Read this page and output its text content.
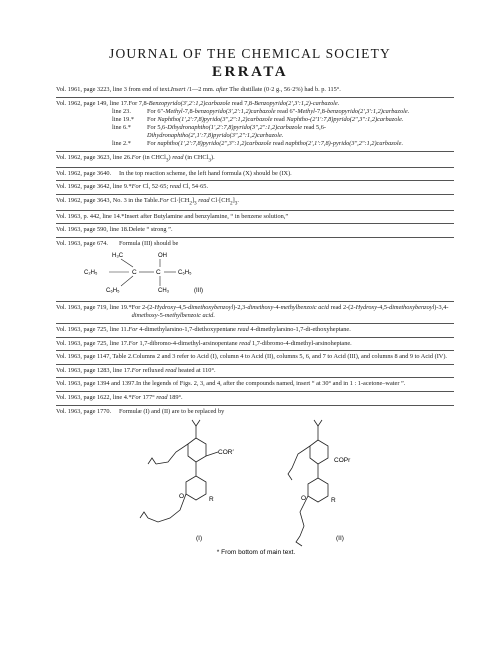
JOURNAL OF THE CHEMICAL SOCIETY
ERRATA
Vol. 1961, page 3223, line 3 from end of text. Insert /1—2 mm. after The distillate (0·2 g., 56·2%) had b. p. 115°.
Vol. 1962, page 149, line 17. For 7,8-Benzopyrido(3′,2′:1,2)carbazole read 7,8-Benzopyrido(2′,3′:1,2)-carbazole.
line 23.	For 6″-Methyl-7,8-benzopyrido(3′,2′:1,2)carbazole read 6″-Methyl-7,8-benzopyrido(2′,3′:1,2)carbazole.
line 19.*	For Naphtho(1′,2′:7,8)pyrido(3″,2″:1,2)carbazole read Naphtho-(2′1′:7,8)pyrido(2″,3″:1,2)carbazole.
line 6.*	For 5,6-Dihydronaphtho(1′,2′:7,8)pyrido(3″,2″:1,2)carbazole read 5,6-Dihydronaphtho(2′,1′:7,8)pyrido(3″,2″:1,2)carbazole.
line 2.*	For naphtho(1′,2′:7,8)pyrido(2″,3″:1,2)carbazole read naphtho(2′,1′:7,8)-pyrido(3″,2″:1,2)carbazole.
Vol. 1962, page 3623, line 26. For (in CHCl$_3$) read (in CHCl$_3$).
Vol. 1962, page 3640.	In the top reaction scheme, the left hand formula (X) should be (IX).
Vol. 1962, page 3642, line 9.* For Cl, 52·65; read Cl, 54·65.
Vol. 1962, page 3643, No. 3 in the Table. For $Cl\cdot[CH_2]_3$ read $Cl\cdot[CH_2]_3$.
Vol. 1963, p. 442, line 14.* Insert after Butylamine and benzylamine, “ in benzene solution,”
Vol. 1963, page 590, line 18. Delete “ strong ”.
Vol. 1963, page 674.	Formula (III) should be
H₃C	OH
C₂H₅	C	C	C₆H₅
C₆H₅	CH₃	(III)
Vol. 1963, page 719, line 19.* For 2-(2-Hydroxy-4,5-dimethoxybenzoyl)-2,3-dimethoxy-4-methylbenzoic acid read 2-(2-Hydroxy-4,5-dimethoxybenzoyl)-3,4-dimethoxy-5-methylbenzoic acid.
Vol. 1963, page 725, line 11. For 4-dimethylarsino-1,7-diethoxypentane read 4-dimethylarsino-1,7-di-ethoxyheptane.
Vol. 1963, page 725, line 17. For 1,7-dibromo-4-dimethyl-arsinopentane read 1,7-dibromo-4-dimethyl-arsinoheptane.
Vol. 1963, page 1147, Table 2. Columns 2 and 3 refer to Acid (I), column 4 to Acid (II), columns 5, 6, and 7 to Acid (III), and columns 8 and 9 to Acid (IV).
Vol. 1963, page 1283, line 17. For refluxed read heated at 110°.
Vol. 1963, page 1394 and 1397. In the legends of Figs. 2, 3, and 4, after the compounds named, insert “ at 30° and in 1 : 1-acetone–water ”.
Vol. 1963, page 1622, line 4.* For 177° read 189°.
Vol. 1963, page 1770.	Formulæ (I) and (II) are to be replaced by
COR′
O	R
(I)
COPr
O	R
(II)
* From bottom of main text.
